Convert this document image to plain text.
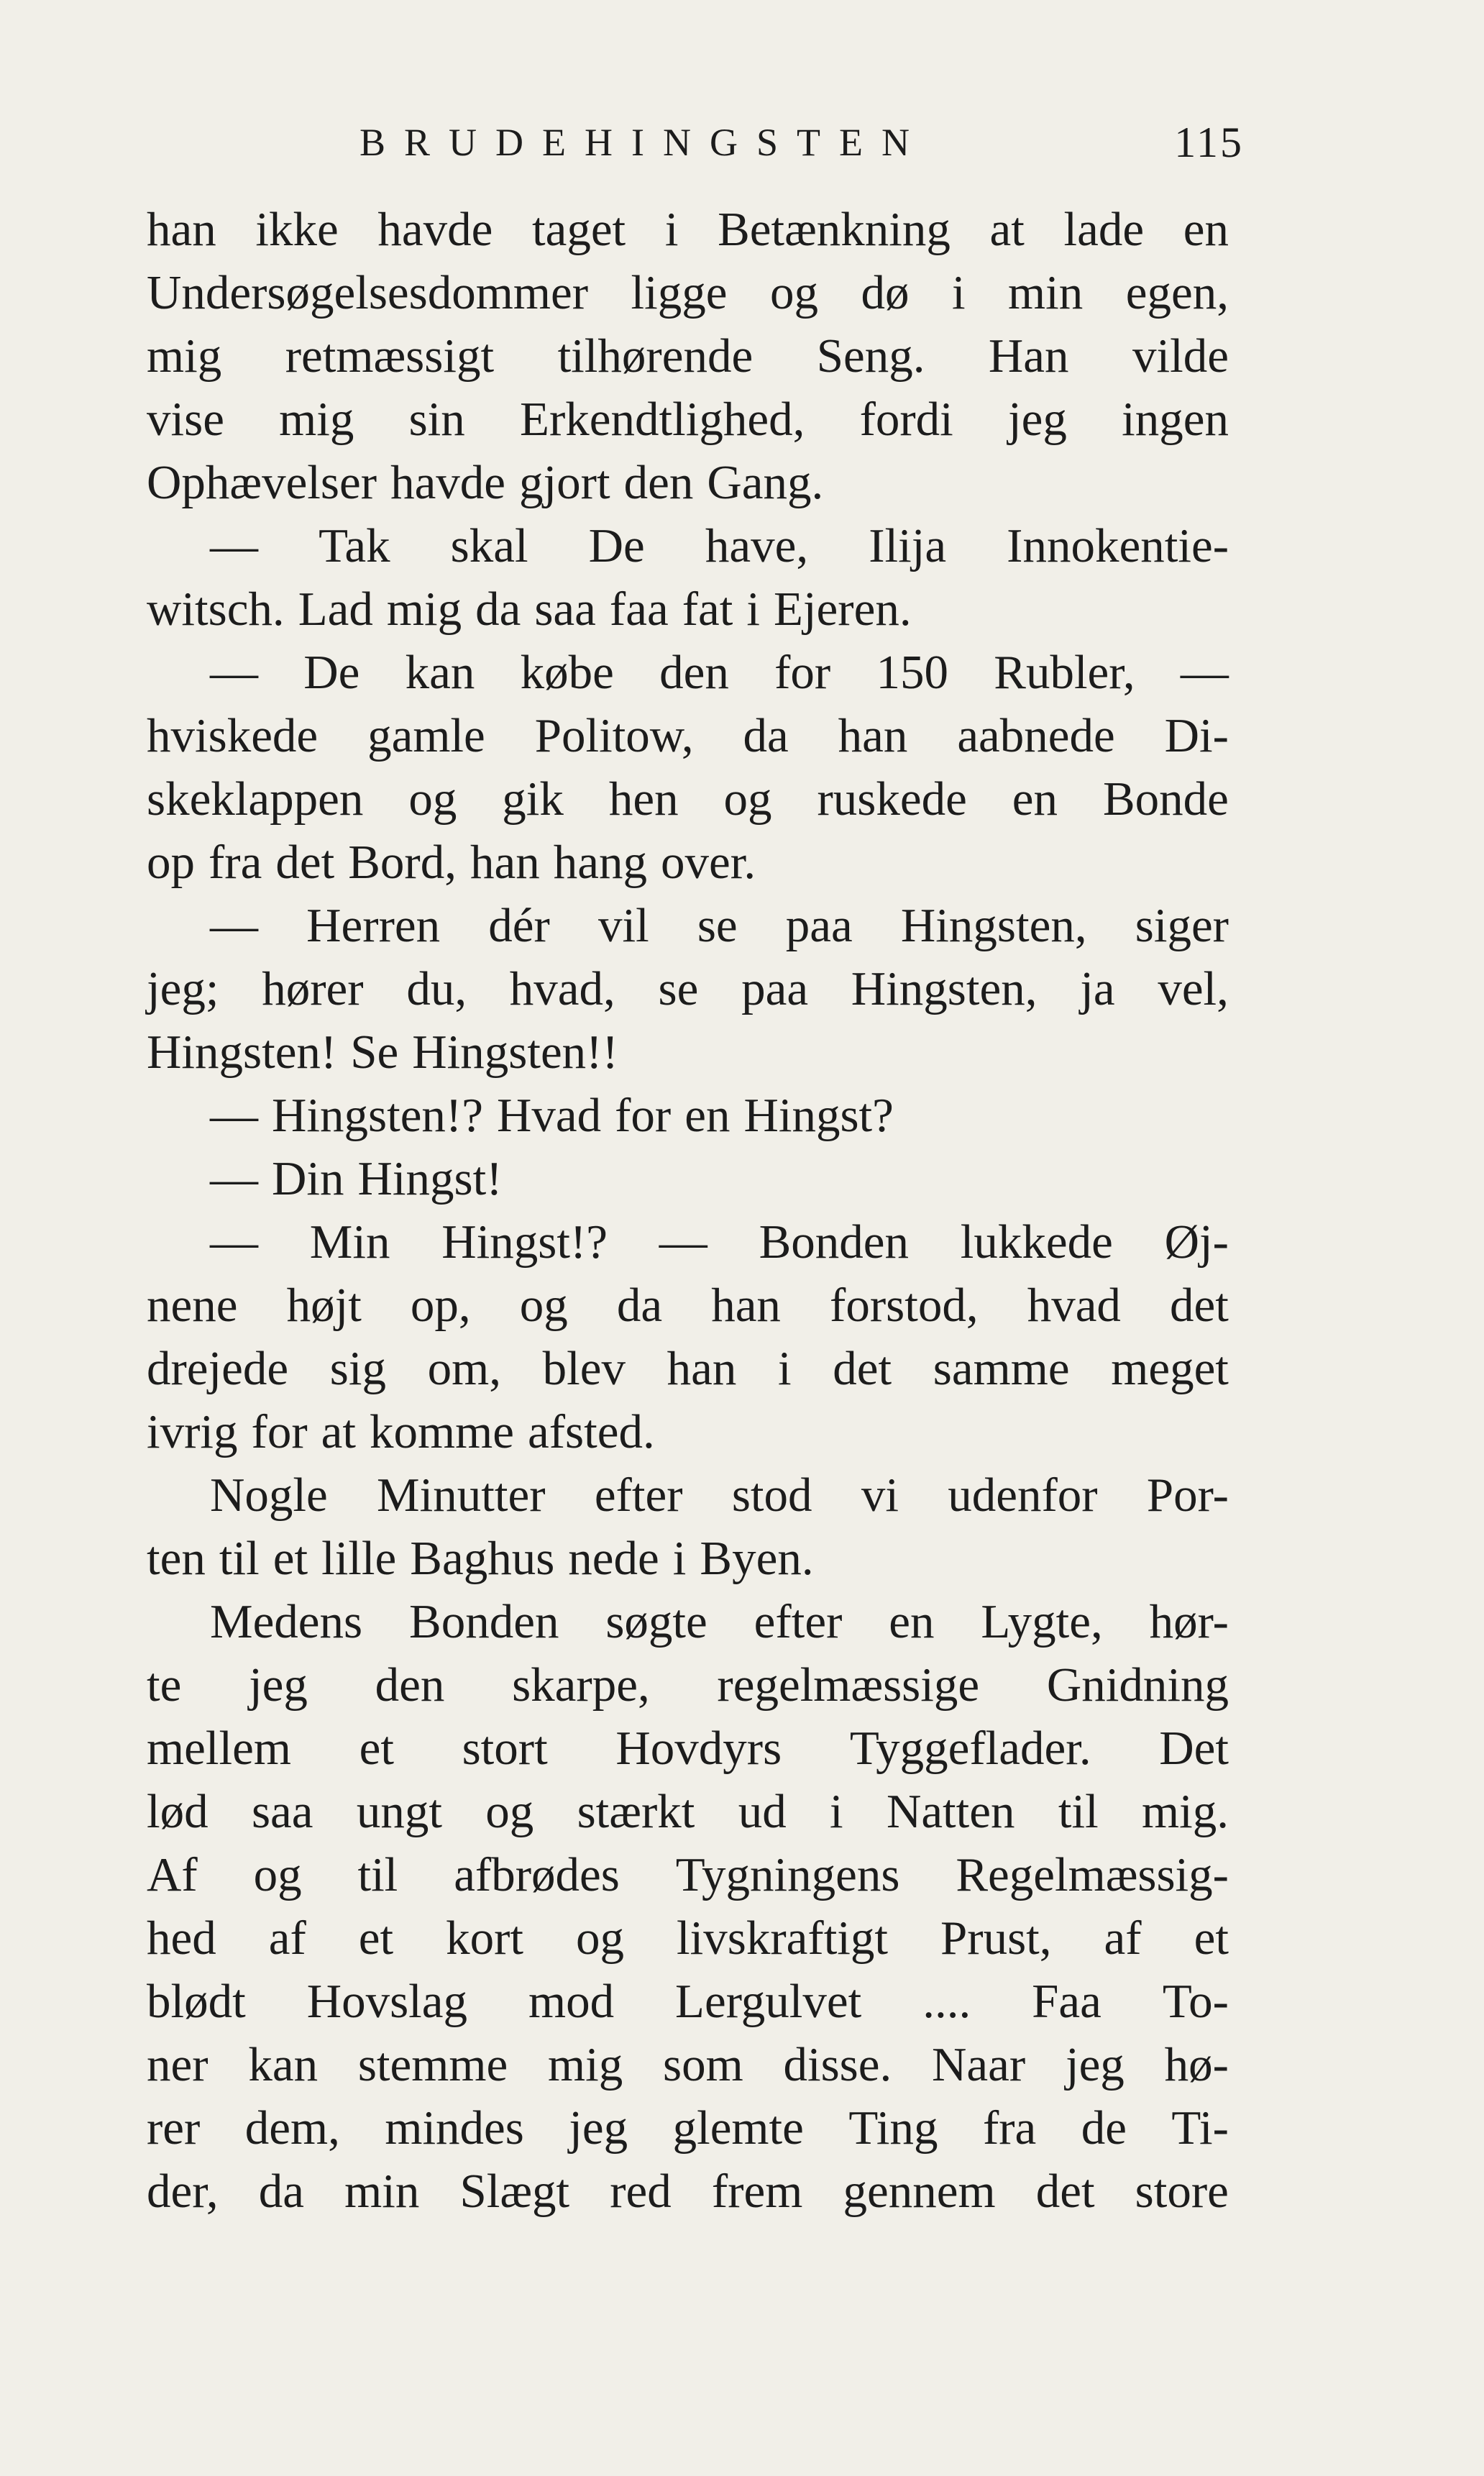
BRUDEHINGSTEN	115
han ikke havde taget i Betænkning at lade en
Undersøgelsesdommer ligge og dø i min egen,
mig retmæssigt tilhørende Seng. Han vilde
vise mig sin Erkendtlighed, fordi jeg ingen
Ophævelser havde gjort den Gang.
— Tak skal De have, Ilija Innokentie-
witsch. Lad mig da saa faa fat i Ejeren.
— De kan købe den for 150 Rubler, —
hviskede gamle Politow, da han aabnede Di-
skeklappen og gik hen og ruskede en Bonde
op fra det Bord, han hang over.
— Herren dér vil se paa Hingsten, siger
jeg; hører du, hvad, se paa Hingsten, ja vel,
Hingsten! Se Hingsten!!
— Hingsten!? Hvad for en Hingst?
— Din Hingst!
— Min Hingst!? — Bonden lukkede Øj-
nene højt op, og da han forstod, hvad det
drejede sig om, blev han i det samme meget
ivrig for at komme afsted.
Nogle Minutter efter stod vi udenfor Por-
ten til et lille Baghus nede i Byen.
Medens Bonden søgte efter en Lygte, hør-
te jeg den skarpe, regelmæssige Gnidning
mellem et stort Hovdyrs Tyggeflader. Det
lød saa ungt og stærkt ud i Natten til mig.
Af og til afbrødes Tygningens Regelmæssig-
hed af et kort og livskraftigt Prust, af et
blødt Hovslag mod Lergulvet .... Faa To-
ner kan stemme mig som disse. Naar jeg hø-
rer dem, mindes jeg glemte Ting fra de Ti-
der, da min Slægt red frem gennem det store
